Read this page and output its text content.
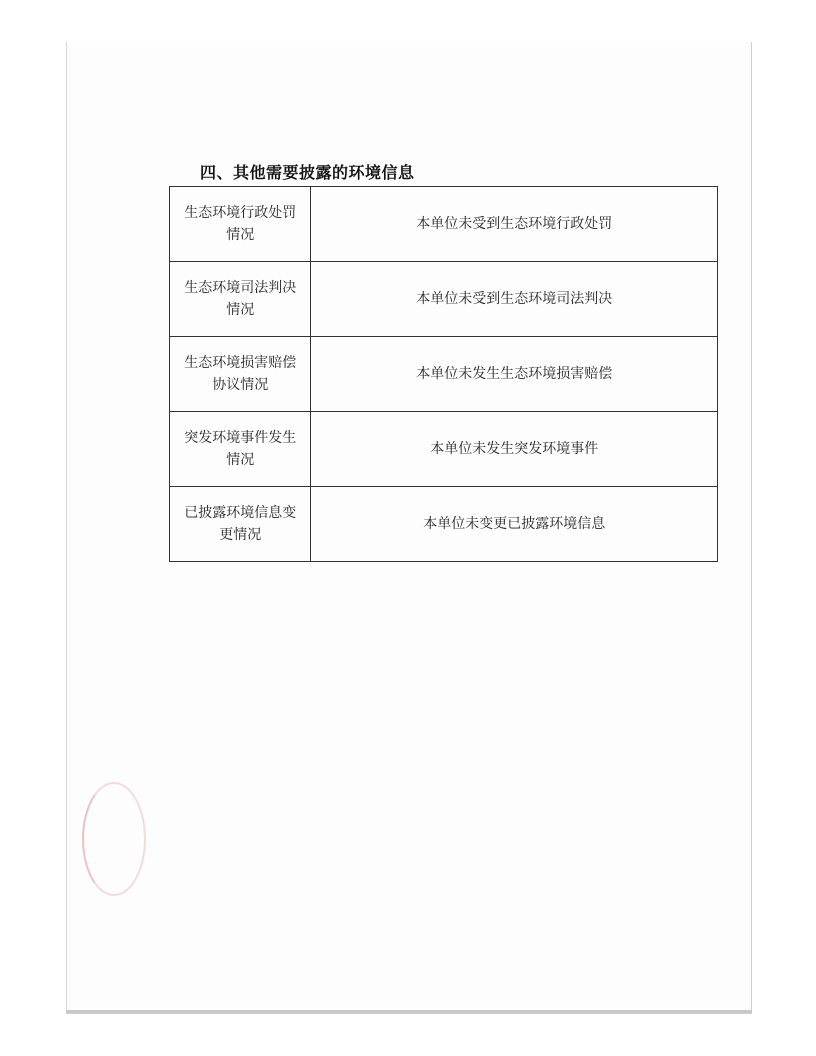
四、其他需要披露的环境信息
生态环境行政处罚情况	本单位未受到生态环境行政处罚
生态环境司法判决情况	本单位未受到生态环境司法判决
生态环境损害赔偿协议情况	本单位未发生生态环境损害赔偿
突发环境事件发生情况	本单位未发生突发环境事件
已披露环境信息变更情况	本单位未变更已披露环境信息
